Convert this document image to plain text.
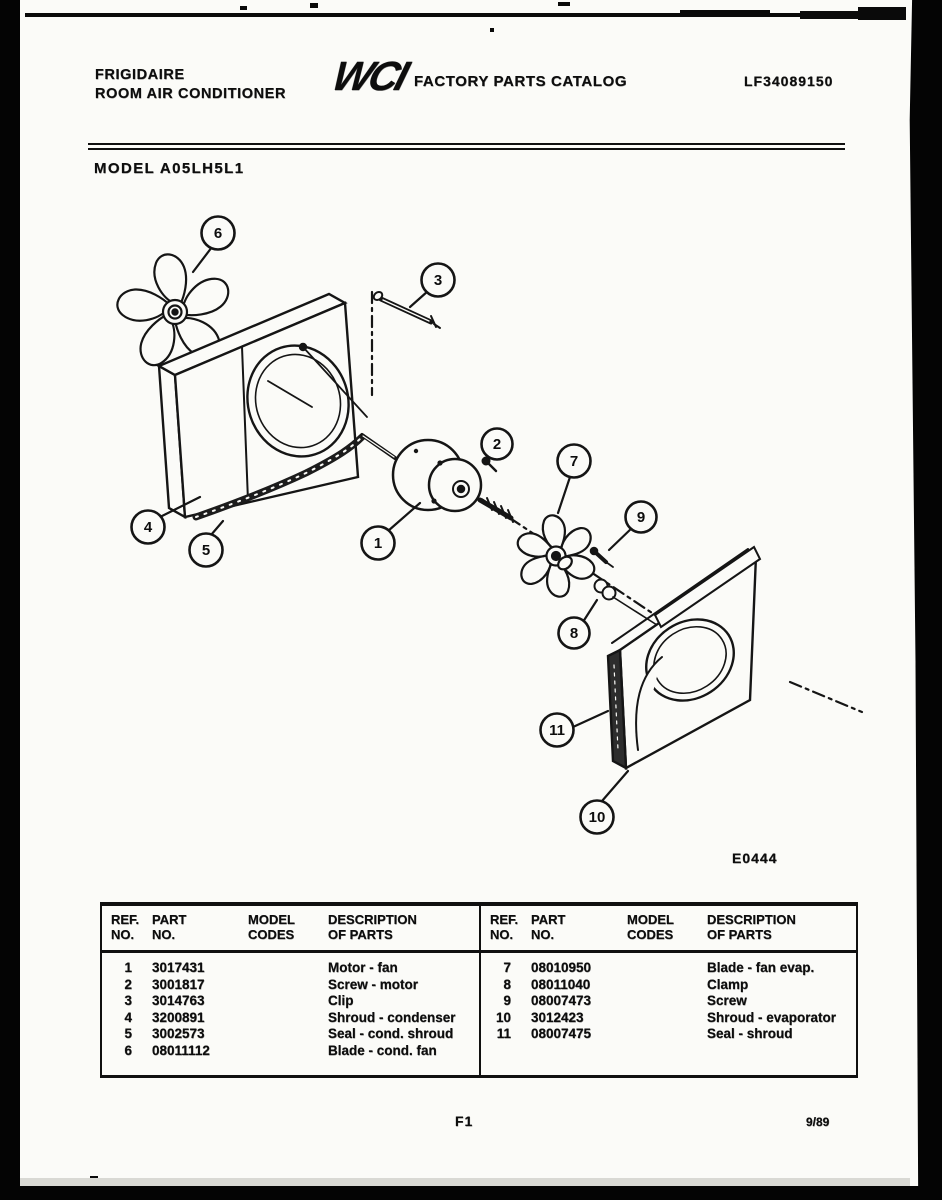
FRIGIDAIRE
ROOM AIR CONDITIONER WCI FACTORY PARTS CATALOG	LF34089150
MODEL A05LH5L1
6
3
4
5	1
2
7
9
8
11
10
E0444
REF.
NO.
PART
NO.
MODEL
CODES
DESCRIPTION
OF PARTS
1 3017431	Motor - fan
2 3001817	Screw - motor
3 3014763	Clip
4 3200891	Shroud - condenser
5 3002573	Seal - cond. shroud
6 08011112	Blade - cond. fan
REF.
NO.
PART
NO.
MODEL
CODES
DESCRIPTION
OF PARTS
7 08010950	Blade - fan evap.
8 08011040	Clamp
9 08007473	Screw
10 3012423	Shroud - evaporator
11 08007475	Seal - shroud
F1	9/89
